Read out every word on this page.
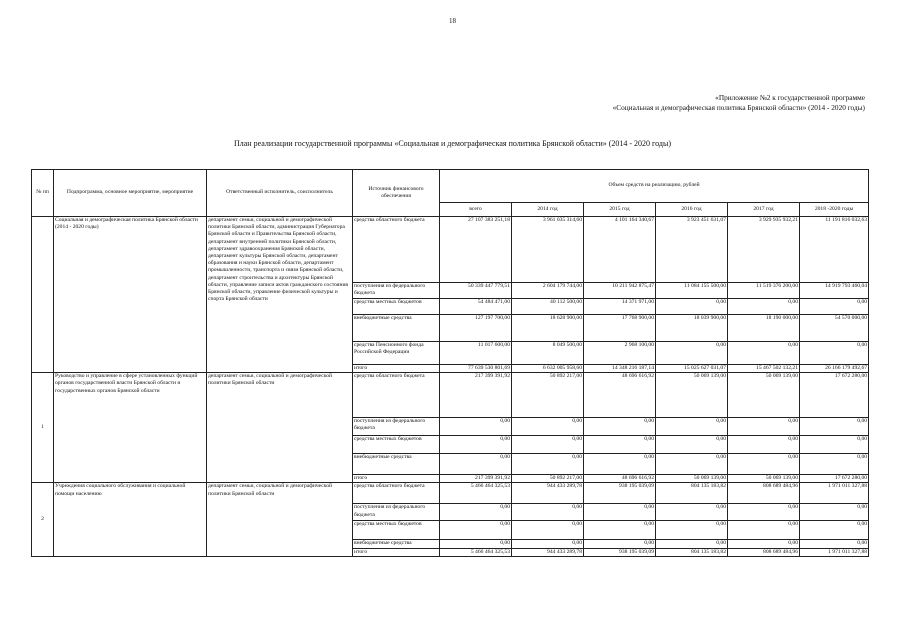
18
«Приложение №2 к государственной программе
«Социальная и демографическая политика Брянской области» (2014 - 2020 годы)
План реализации государственной программы «Социальная и демографическая политика Брянской области» (2014 - 2020 годы)
№ пп	Подпрограмма, основное мероприятие, мероприятие	Ответственный исполнитель, соисполнитель	Источник финансового обеспечения	Объем средств на реализацию, рублей					
				всего	2014 год	2015 год	2016 год	2017 год	2018 -2020 годы
	Социальная и демографическая политика Брянской области (2014 - 2020 годы)	департамент семьи, социальной и демографической политики Брянской области, администрация Губернатора Брянской области и Правительства Брянской области, департамент внутренней политики Брянской области, департамент здравоохранения Брянской области, департамент культуры Брянской области, департамент образования и науки Брянской области, департамент промышленности, транспорта и связи Брянской области, департамент строительства и архитектуры Брянской области, управление записи актов гражданского состояния Брянской области, управление физической культуры и спорта Брянской области	средства областного бюджета	27 107 383 251,18	3 961 035 314,60	4 101 164 340,67	3 923 451 631,07	3 929 935 932,21	11 191 816 032,63
			поступления из федерального бюджета	50 339 447 779,51	2 604 179 744,00	10 211 942 875,47	11 084 155 500,00	11 519 376 200,00	14 919 793 460,04
			средства местных бюджетов	54 484 471,00	40 112 500,00	14 371 971,00	0,00	0,00	0,00
			внебюджетные средства	127 197 700,00	18 628 900,00	17 768 900,00	18 039 900,00	18 190 000,00	54 570 000,00
			средства Пенсионного фонда Российской Федерации	11 017 600,00	8 049 500,00	2 968 100,00	0,00	0,00	0,00
			итого	77 639 530 801,69	6 632 005 958,60	14 348 216 187,14	15 025 627 031,07	15 467 502 132,21	26 166 179 492,67
1	Руководство и управление в сфере установленных функций органов государственной власти Брянской области и государственных органов Брянской области	департамент семьи, социальной и демографической политики Брянской области	средства областного бюджета	217 399 391,92	50 892 217,00	48 696 616,92	50 069 139,00	50 069 139,00	17 672 280,00
			поступления из федерального бюджета	0,00	0,00	0,00	0,00	0,00	0,00
			средства местных бюджетов	0,00	0,00	0,00	0,00	0,00	0,00
			внебюджетные средства	0,00	0,00	0,00	0,00	0,00	0,00
			итого	217 399 391,92	50 892 217,00	48 696 616,92	50 069 139,00	50 069 139,00	17 672 280,00
2	Учреждения социального обслуживания и социальной помощи населению	департамент семьи, социальной и демографической политики Брянской области	средства областного бюджета	5 466 464 325,53	944 433 289,78	938 195 039,09	804 135 183,82	808 689 484,96	1 971 011 327,88
			поступления из федерального бюджета	0,00	0,00	0,00	0,00	0,00	0,00
			средства местных бюджетов	0,00	0,00	0,00	0,00	0,00	0,00
			внебюджетные средства	0,00	0,00	0,00	0,00	0,00	0,00
			итого	5 466 464 325,53	944 433 289,78	938 195 039,09	804 135 183,82	808 689 484,96	1 971 011 327,88
